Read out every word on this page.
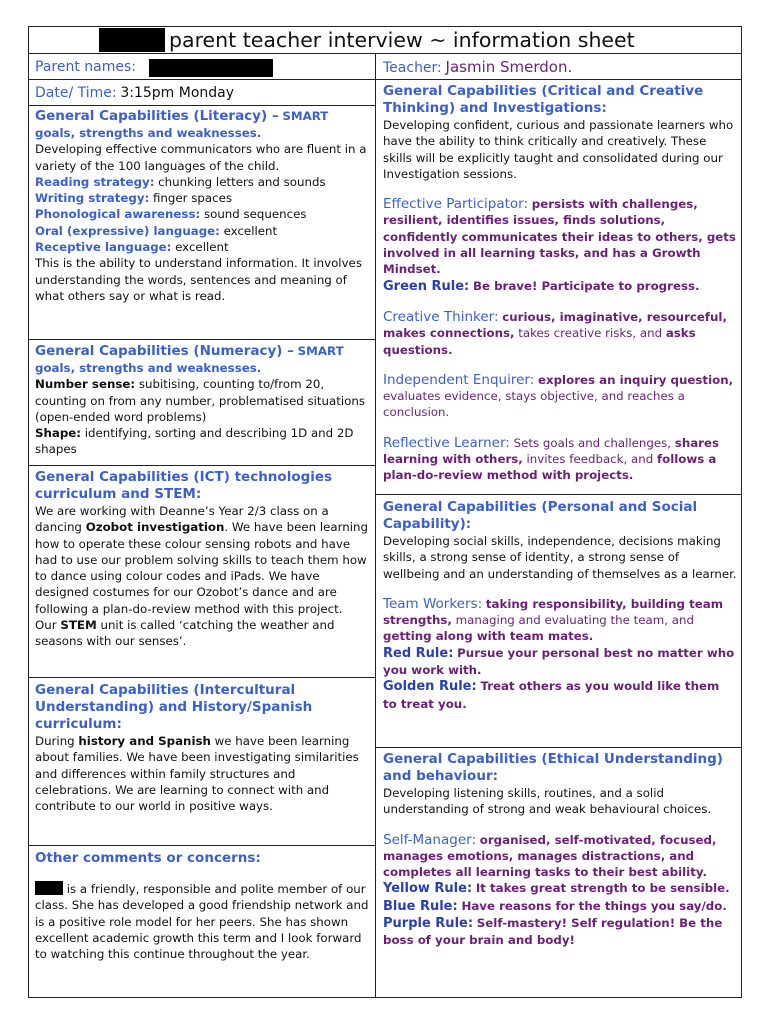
parent teacher interview ~ information sheet
Parent names:	Teacher: Jasmin Smerdon.
Date/ Time: 3:15pm Monday

General Capabilities (Literacy) – SMART goals, strengths and weaknesses.

Developing effective communicators who are fluent in a variety of the 100 languages of the child.

Reading strategy: chunking letters and sounds

Writing strategy: finger spaces

Phonological awareness: sound sequences

Oral (expressive) language: excellent

Receptive language: excellent

This is the ability to understand information. It involves understanding the words, sentences and meaning of what others say or what is read.

General Capabilities (Numeracy) – SMART goals, strengths and weaknesses.

Number sense: subitising, counting to/from 20, counting on from any number, problematised situations (open-ended word problems)

Shape: identifying, sorting and describing 1D and 2D shapes

General Capabilities (ICT) technologies curriculum and STEM:

We are working with Deanne’s Year 2/3 class on a dancing Ozobot investigation. We have been learning how to operate these colour sensing robots and have had to use our problem solving skills to teach them how to dance using colour codes and iPads. We have designed costumes for our Ozobot’s dance and are following a plan-do-review method with this project.

Our STEM unit is called ‘catching the weather and seasons with our senses’.

General Capabilities (Intercultural Understanding) and History/Spanish curriculum:

During history and Spanish we have been learning about families. We have been investigating similarities and differences within family structures and celebrations. We are learning to connect with and contribute to our world in positive ways.

Other comments or concerns:

is a friendly, responsible and polite member of our class. She has developed a good friendship network and is a positive role model for her peers. She has shown excellent academic growth this term and I look forward to watching this continue throughout the year.

General Capabilities (Critical and Creative Thinking) and Investigations:

Developing confident, curious and passionate learners who have the ability to think critically and creatively. These skills will be explicitly taught and consolidated during our Investigation sessions.

Effective Participator: persists with challenges, resilient, identifies issues, finds solutions, confidently communicates their ideas to others, gets involved in all learning tasks, and has a Growth Mindset.

Green Rule: Be brave! Participate to progress.

Creative Thinker: curious, imaginative, resourceful, makes connections, takes creative risks, and asks questions.

Independent Enquirer: explores an inquiry question, evaluates evidence, stays objective, and reaches a conclusion.

Reflective Learner: Sets goals and challenges, shares learning with others, invites feedback, and follows a plan-do-review method with projects.

General Capabilities (Personal and Social Capability):

Developing social skills, independence, decisions making skills, a strong sense of identity, a strong sense of wellbeing and an understanding of themselves as a learner.

Team Workers: taking responsibility, building team strengths, managing and evaluating the team, and getting along with team mates.

Red Rule: Pursue your personal best no matter who you work with.

Golden Rule: Treat others as you would like them to treat you.

General Capabilities (Ethical Understanding) and behaviour:

Developing listening skills, routines, and a solid understanding of strong and weak behavioural choices.

Self-Manager: organised, self-motivated, focused, manages emotions, manages distractions, and completes all learning tasks to their best ability.

Yellow Rule: It takes great strength to be sensible.

Blue Rule: Have reasons for the things you say/do.

Purple Rule: Self-mastery! Self regulation! Be the boss of your brain and body!
